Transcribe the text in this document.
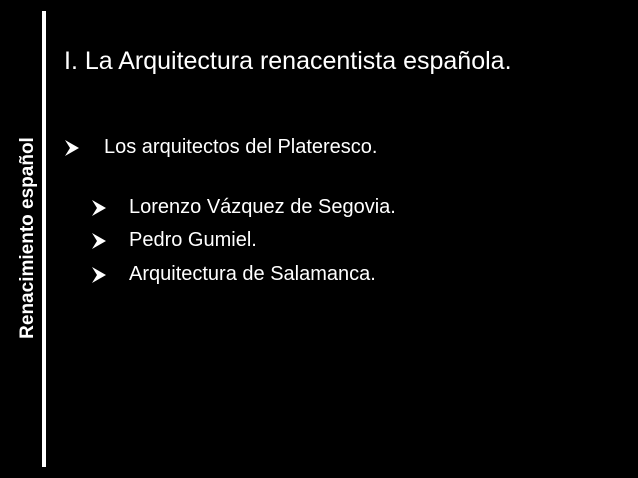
Renacimiento español
I. La Arquitectura renacentista española.
Los arquitectos del Plateresco.
Lorenzo Vázquez de Segovia.
Pedro Gumiel.
Arquitectura de Salamanca.
